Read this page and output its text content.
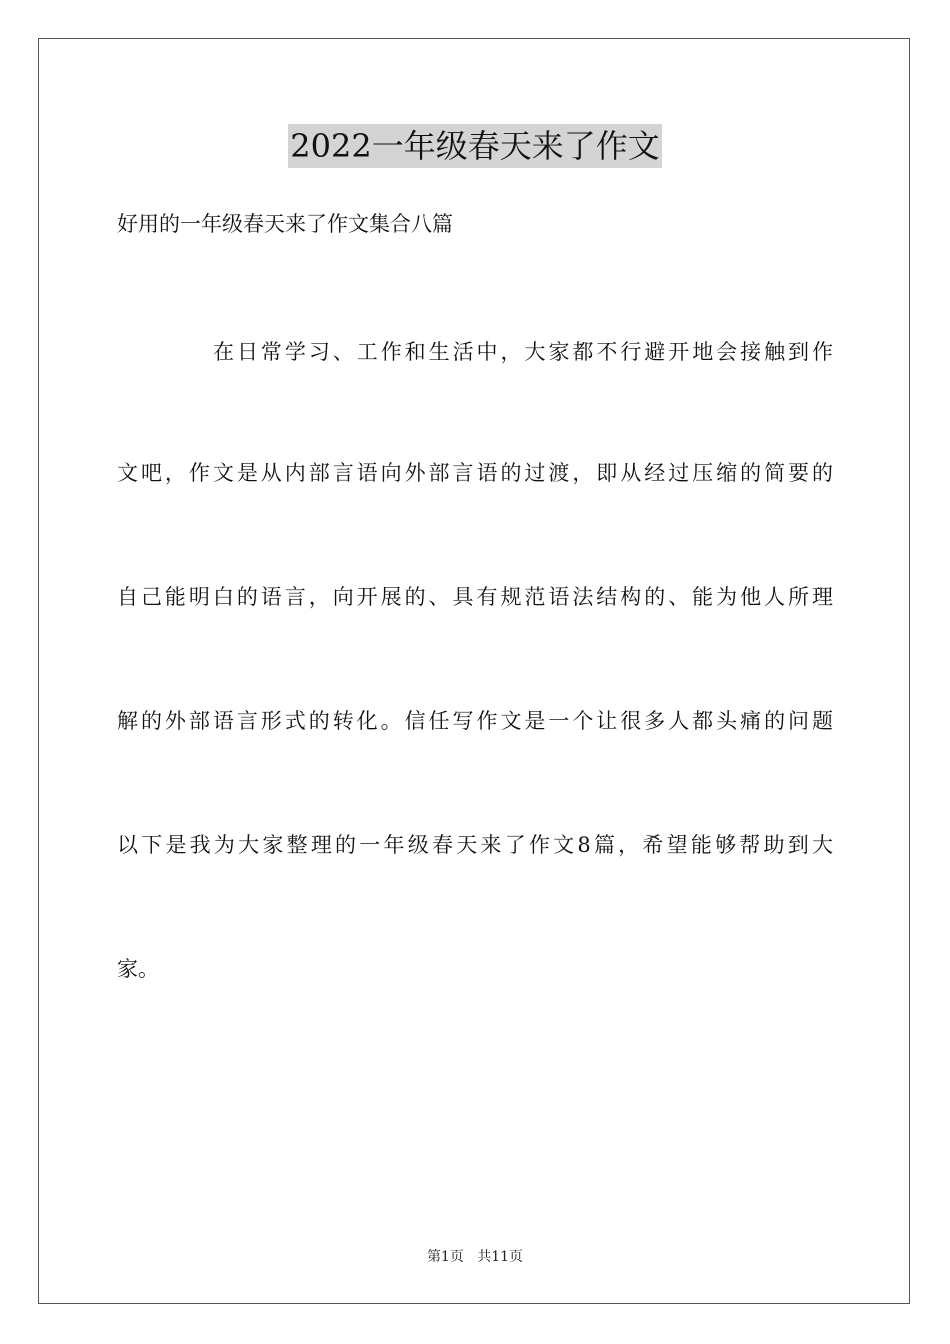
2022一年级春天来了作文
好用的一年级春天来了作文集合八篇
在日常学习、工作和生活中，大家都不行避开地会接触到作
文吧，作文是从内部言语向外部言语的过渡，即从经过压缩的简要的
自己能明白的语言，向开展的、具有规范语法结构的、能为他人所理
解的外部语言形式的转化。信任写作文是一个让很多人都头痛的问题
以下是我为大家整理的一年级春天来了作文8篇，希望能够帮助到大
家。
第1页 共11页
